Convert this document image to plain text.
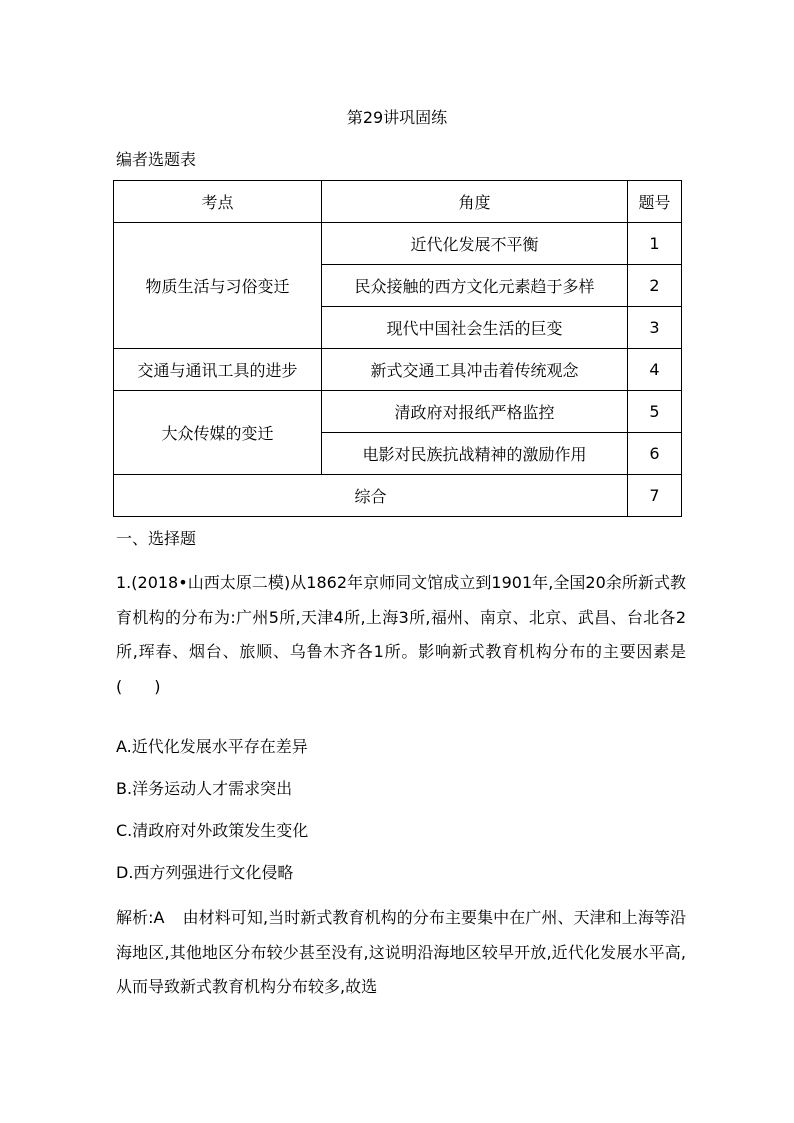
第29讲巩固练
编者选题表
考点	角度	题号
物质生活与习俗变迁	近代化发展不平衡	1
	民众接触的西方文化元素趋于多样	2
	现代中国社会生活的巨变	3
交通与通讯工具的进步	新式交通工具冲击着传统观念	4
大众传媒的变迁	清政府对报纸严格监控	5
	电影对民族抗战精神的激励作用	6
综合		7
一、选择题
1.(2018•山西太原二模)从1862年京师同文馆成立到1901年,全国20余所新式教育机构的分布为:广州5所,天津4所,上海3所,福州、南京、北京、武昌、台北各2所,珲春、烟台、旅顺、乌鲁木齐各1所。影响新式教育机构分布的主要因素是(　　)
A.近代化发展水平存在差异
B.洋务运动人才需求突出
C.清政府对外政策发生变化
D.西方列强进行文化侵略
解析:A 由材料可知,当时新式教育机构的分布主要集中在广州、天津和上海等沿海地区,其他地区分布较少甚至没有,这说明沿海地区较早开放,近代化发展水平高,从而导致新式教育机构分布较多,故选
